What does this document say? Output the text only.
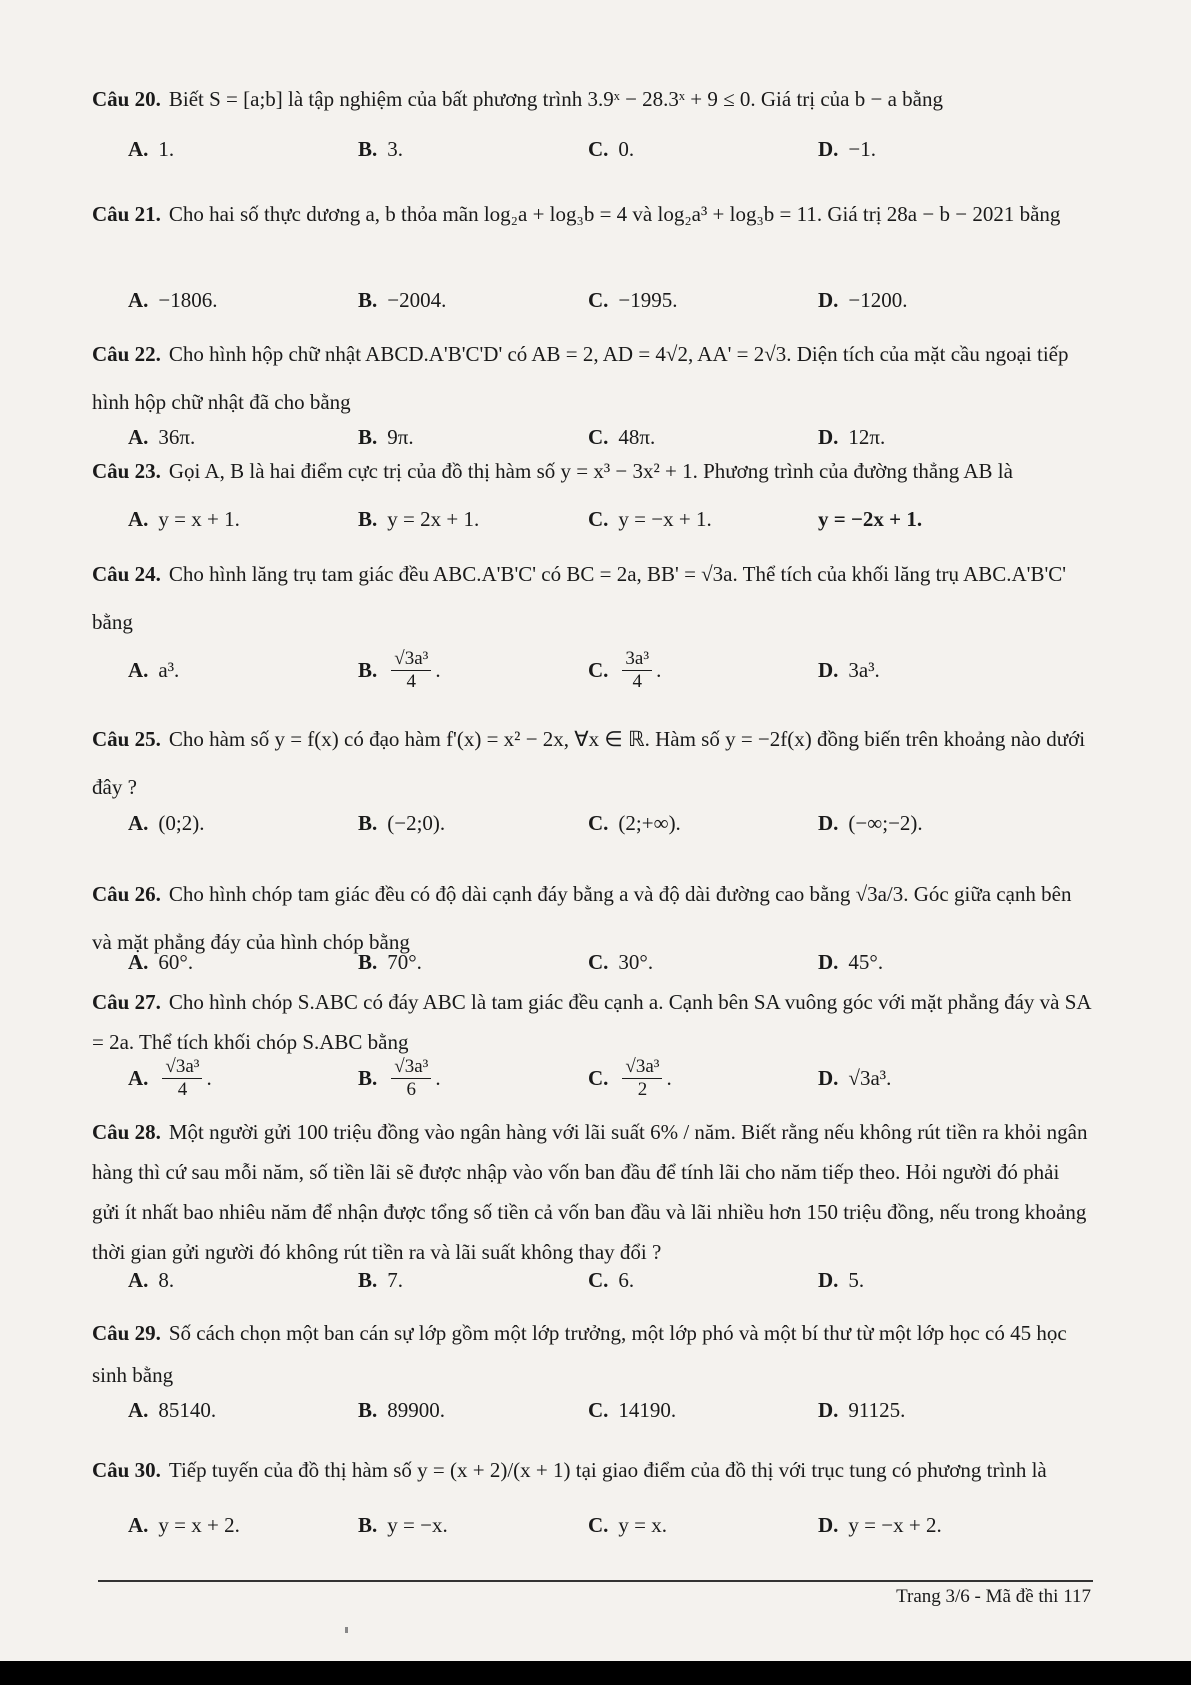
Câu 20. Biết S = [a;b] là tập nghiệm của bất phương trình 3.9ˣ − 28.3ˣ + 9 ≤ 0. Giá trị của b − a bằng
A. 1.	B. 3.	C. 0.	D. −1.
Câu 21. Cho hai số thực dương a, b thỏa mãn log₂a + log₃b = 4 và log₂a³ + log₃b = 11. Giá trị 28a − b − 2021 bằng
A. −1806.	B. −2004.	C. −1995.	D. −1200.
Câu 22. Cho hình hộp chữ nhật ABCD.A'B'C'D' có AB = 2, AD = 4√2, AA' = 2√3. Diện tích của mặt cầu ngoại tiếp hình hộp chữ nhật đã cho bằng
A. 36π.	B. 9π.	C. 48π.	D. 12π.
Câu 23. Gọi A, B là hai điểm cực trị của đồ thị hàm số y = x³ − 3x² + 1. Phương trình của đường thẳng AB là
A. y = x + 1.	B. y = 2x + 1.	C. y = −x + 1.	y = −2x + 1.
Câu 24. Cho hình lăng trụ tam giác đều ABC.A'B'C' có BC = 2a, BB' = √3a. Thể tích của khối lăng trụ ABC.A'B'C' bằng
A. a³.	B. $\frac{\text{√3a³}}{4}$ .	C. $\frac{\text{3a³}}{4}$ .	D. 3a³.
Câu 25. Cho hàm số y = f(x) có đạo hàm f'(x) = x² − 2x, ∀x ∈ ℝ. Hàm số y = −2f(x) đồng biến trên khoảng nào dưới đây ?
A. (0;2).	B. (−2;0).	C. (2;+∞).	D. (−∞;−2).
Câu 26. Cho hình chóp tam giác đều có độ dài cạnh đáy bằng a và độ dài đường cao bằng √3a/3. Góc giữa cạnh bên và mặt phẳng đáy của hình chóp bằng
A. 60°.	B. 70°.	C. 30°.	D. 45°.
Câu 27. Cho hình chóp S.ABC có đáy ABC là tam giác đều cạnh a. Cạnh bên SA vuông góc với mặt phẳng đáy và SA = 2a. Thể tích khối chóp S.ABC bằng
A. $\frac{\text{√3a³}}{4}$ .	B. $\frac{\text{√3a³}}{6}$ .	C. $\frac{\text{√3a³}}{2}$ .	D. √3a³.
Câu 28. Một người gửi 100 triệu đồng vào ngân hàng với lãi suất 6% / năm. Biết rằng nếu không rút tiền ra khỏi ngân hàng thì cứ sau mỗi năm, số tiền lãi sẽ được nhập vào vốn ban đầu để tính lãi cho năm tiếp theo. Hỏi người đó phải gửi ít nhất bao nhiêu năm để nhận được tổng số tiền cả vốn ban đầu và lãi nhiều hơn 150 triệu đồng, nếu trong khoảng thời gian gửi người đó không rút tiền ra và lãi suất không thay đổi ?
A. 8.	B. 7.	C. 6.	D. 5.
Câu 29. Số cách chọn một ban cán sự lớp gồm một lớp trưởng, một lớp phó và một bí thư từ một lớp học có 45 học sinh bằng
A. 85140.	B. 89900.	C. 14190.	D. 91125.
Câu 30. Tiếp tuyến của đồ thị hàm số y = (x + 2)/(x + 1) tại giao điểm của đồ thị với trục tung có phương trình là
A. y = x + 2.	B. y = −x.	C. y = x.	D. y = −x + 2.
Trang 3/6 - Mã đề thi 117
